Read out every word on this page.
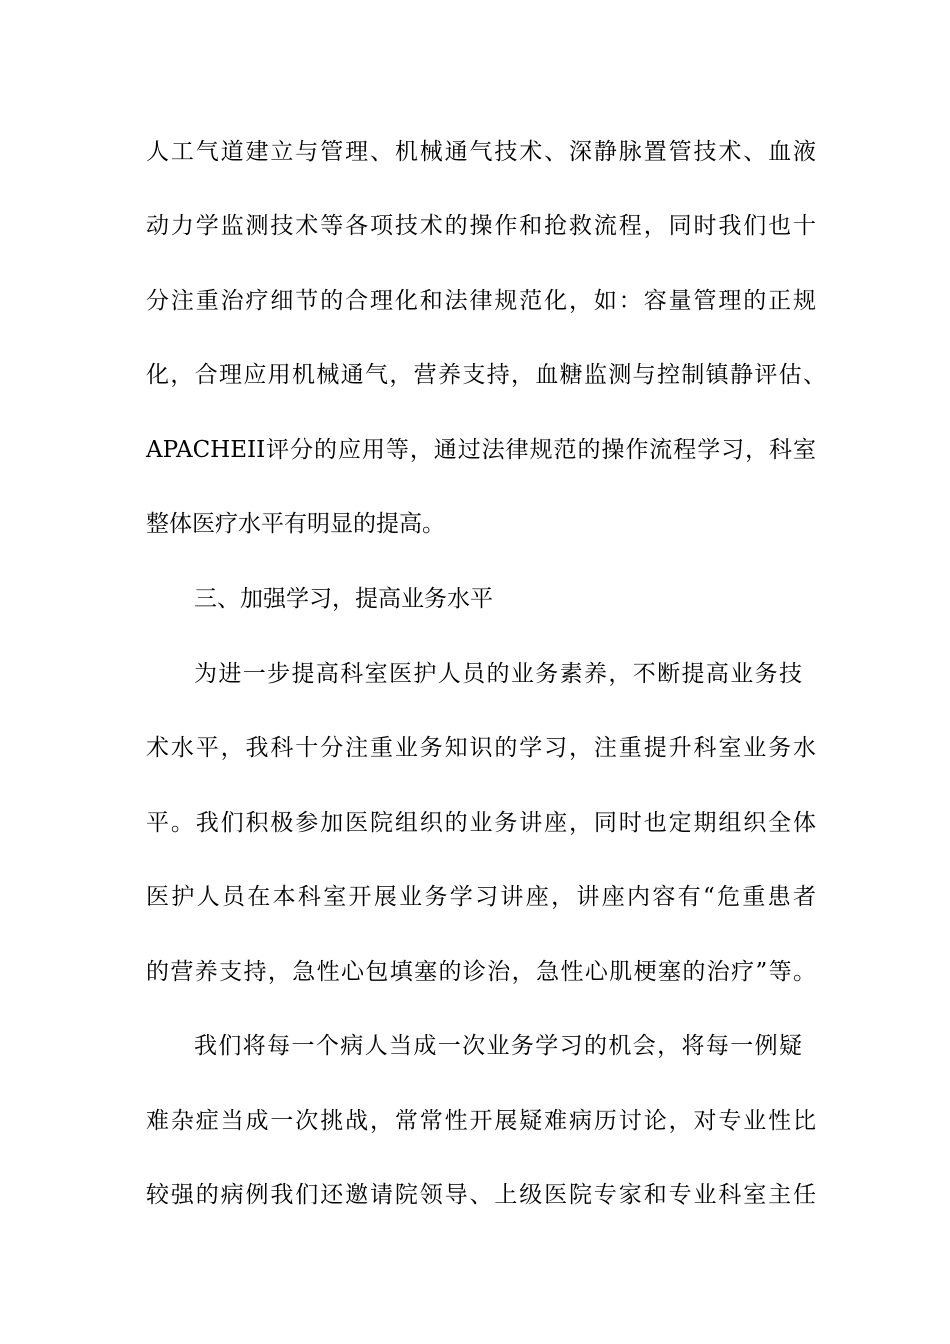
人工气道建立与管理、机械通气技术、深静脉置管技术、血液
动力学监测技术等各项技术的操作和抢救流程，同时我们也十
分注重治疗细节的合理化和法律规范化，如：容量管理的正规
化，合理应用机械通气，营养支持，血糖监测与控制镇静评估、
APACHEII评分的应用等，通过法律规范的操作流程学习，科室
整体医疗水平有明显的提高。
三、加强学习，提高业务水平
为进一步提高科室医护人员的业务素养，不断提高业务技
术水平，我科十分注重业务知识的学习，注重提升科室业务水
平。我们积极参加医院组织的业务讲座，同时也定期组织全体
医护人员在本科室开展业务学习讲座，讲座内容有“危重患者
的营养支持，急性心包填塞的诊治，急性心肌梗塞的治疗”等。
我们将每一个病人当成一次业务学习的机会，将每一例疑
难杂症当成一次挑战，常常性开展疑难病历讨论，对专业性比
较强的病例我们还邀请院领导、上级医院专家和专业科室主任
